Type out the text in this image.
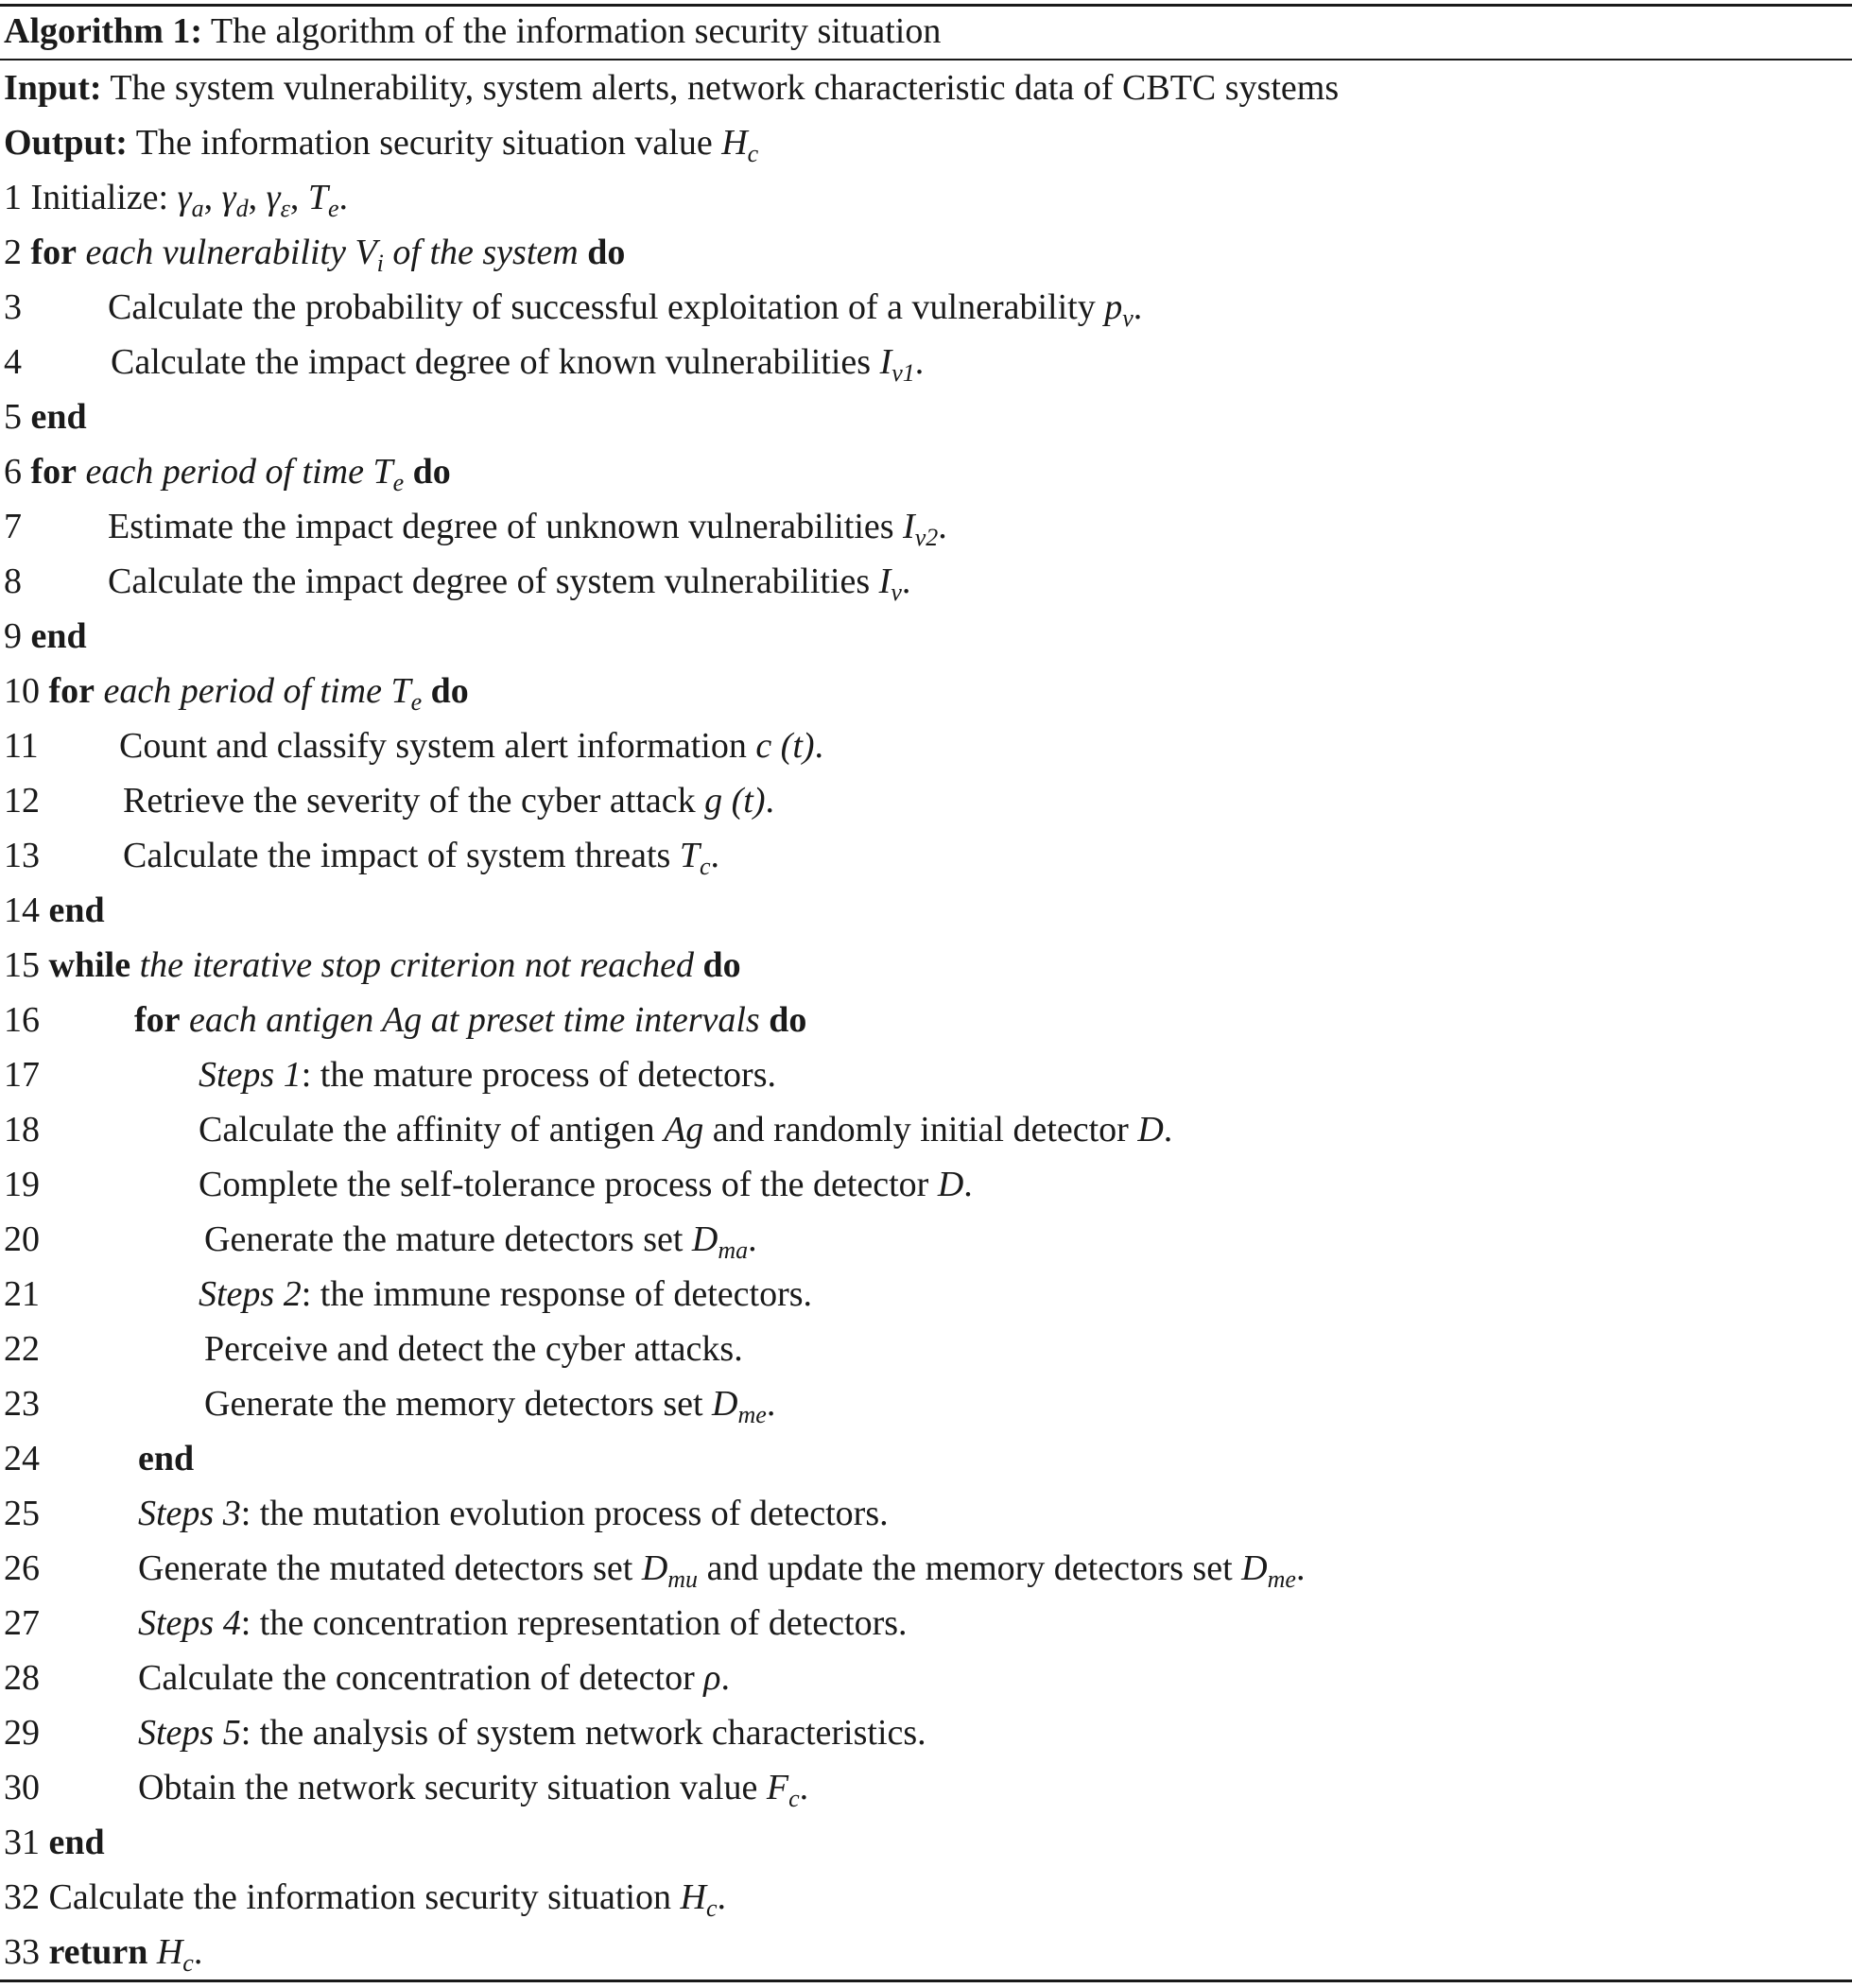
Algorithm 1: The algorithm of the information security situation
Input: The system vulnerability, system alerts, network characteristic data of CBTC systems
Output: The information security situation value $H_c$
1 Initialize: $\gamma_a$, $\gamma_d$, $\gamma_\varepsilon$, $T_e$.
2 for each vulnerability $V_i$ of the system do
3 Calculate the probability of successful exploitation of a vulnerability $p_v$.
4 Calculate the impact degree of known vulnerabilities $I_{v1}$.
5 end
6 for each period of time $T_e$ do
7 Estimate the impact degree of unknown vulnerabilities $I_{v2}$.
8 Calculate the impact degree of system vulnerabilities $I_v$.
9 end
10 for each period of time $T_e$ do
11 Count and classify system alert information c (t).
12 Retrieve the severity of the cyber attack g (t).
13 Calculate the impact of system threats $T_c$.
14 end
15 while the iterative stop criterion not reached do
16	for each antigen Ag at preset time intervals do
17	Steps 1: the mature process of detectors.
18	Calculate the affinity of antigen Ag and randomly initial detector D.
19	Complete the self-tolerance process of the detector D.
20	Generate the mature detectors set $D_{ma}$.
21	Steps 2: the immune response of detectors.
22	Perceive and detect the cyber attacks.
23	Generate the memory detectors set $D_{me}$.
24	end
25	Steps 3: the mutation evolution process of detectors.
26	Generate the mutated detectors set $D_{mu}$ and update the memory detectors set $D_{me}$.
27	Steps 4: the concentration representation of detectors.
28	Calculate the concentration of detector ρ.
29	Steps 5: the analysis of system network characteristics.
30	Obtain the network security situation value $F_c$.
31 end
32 Calculate the information security situation $H_c$.
33 return $H_c$.
